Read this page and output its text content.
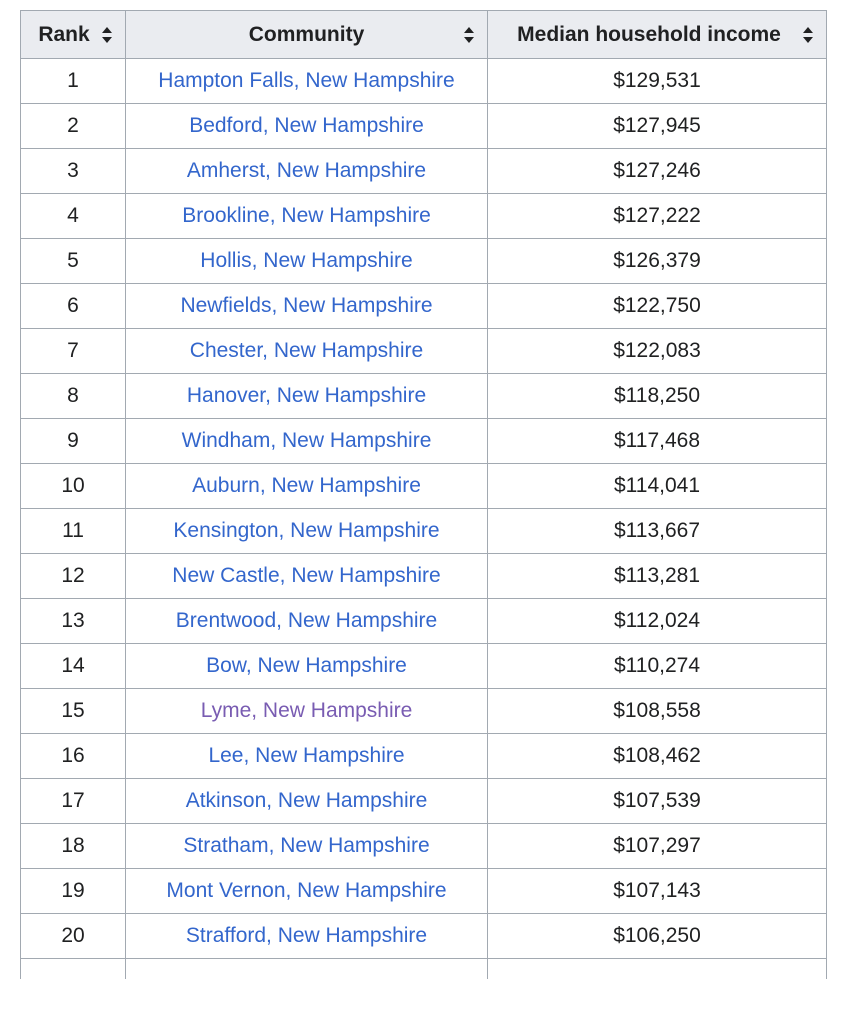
Rank	Community	Median household income

1	Hampton Falls, New Hampshire	$129,531
2	Bedford, New Hampshire	$127,945
3	Amherst, New Hampshire	$127,246
4	Brookline, New Hampshire	$127,222
5	Hollis, New Hampshire	$126,379
6	Newfields, New Hampshire	$122,750
7	Chester, New Hampshire	$122,083
8	Hanover, New Hampshire	$118,250
9	Windham, New Hampshire	$117,468
10	Auburn, New Hampshire	$114,041
11	Kensington, New Hampshire	$113,667
12	New Castle, New Hampshire	$113,281
13	Brentwood, New Hampshire	$112,024
14	Bow, New Hampshire	$110,274
15	Lyme, New Hampshire	$108,558
16	Lee, New Hampshire	$108,462
17	Atkinson, New Hampshire	$107,539
18	Stratham, New Hampshire	$107,297
19	Mont Vernon, New Hampshire	$107,143
20	Strafford, New Hampshire	$106,250
